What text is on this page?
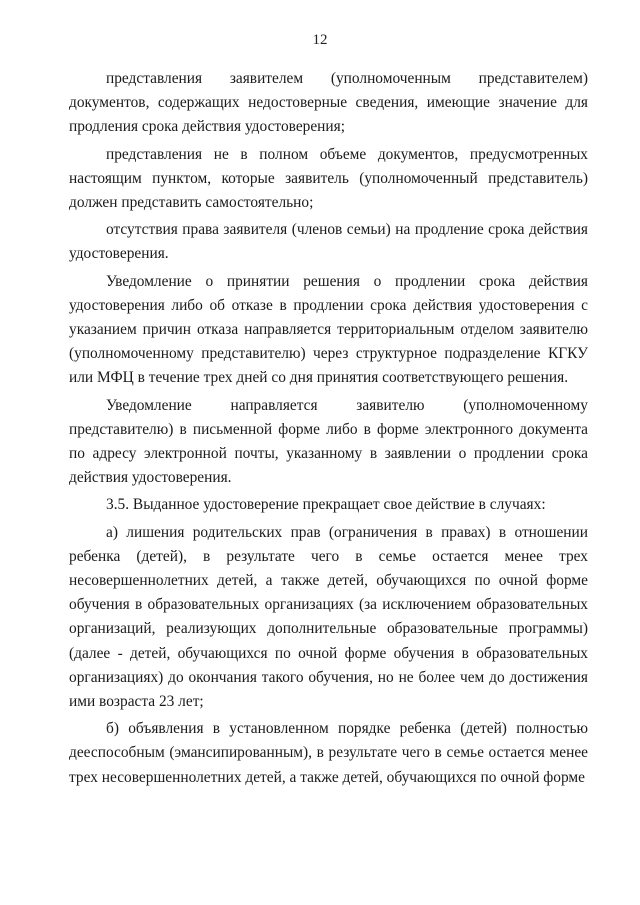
12

представления заявителем (уполномоченным представителем) документов, содержащих недостоверные сведения, имеющие значение для продления срока действия удостоверения;

представления не в полном объеме документов, предусмотренных настоящим пунктом, которые заявитель (уполномоченный представитель) должен представить самостоятельно;

отсутствия права заявителя (членов семьи) на продление срока действия удостоверения.

Уведомление о принятии решения о продлении срока действия удостоверения либо об отказе в продлении срока действия удостоверения с указанием причин отказа направляется территориальным отделом заявителю (уполномоченному представителю) через структурное подразделение КГКУ или МФЦ в течение трех дней со дня принятия соответствующего решения.

Уведомление направляется заявителю (уполномоченному представителю) в письменной форме либо в форме электронного документа по адресу электронной почты, указанному в заявлении о продлении срока действия удостоверения.

3.5. Выданное удостоверение прекращает свое действие в случаях:

а) лишения родительских прав (ограничения в правах) в отношении ребенка (детей), в результате чего в семье остается менее трех несовершеннолетних детей, а также детей, обучающихся по очной форме обучения в образовательных организациях (за исключением образовательных организаций, реализующих дополнительные образовательные программы) (далее - детей, обучающихся по очной форме обучения в образовательных организациях) до окончания такого обучения, но не более чем до достижения ими возраста 23 лет;

б) объявления в установленном порядке ребенка (детей) полностью дееспособным (эмансипированным), в результате чего в семье остается менее трех несовершеннолетних детей, а также детей, обучающихся по очной форме
